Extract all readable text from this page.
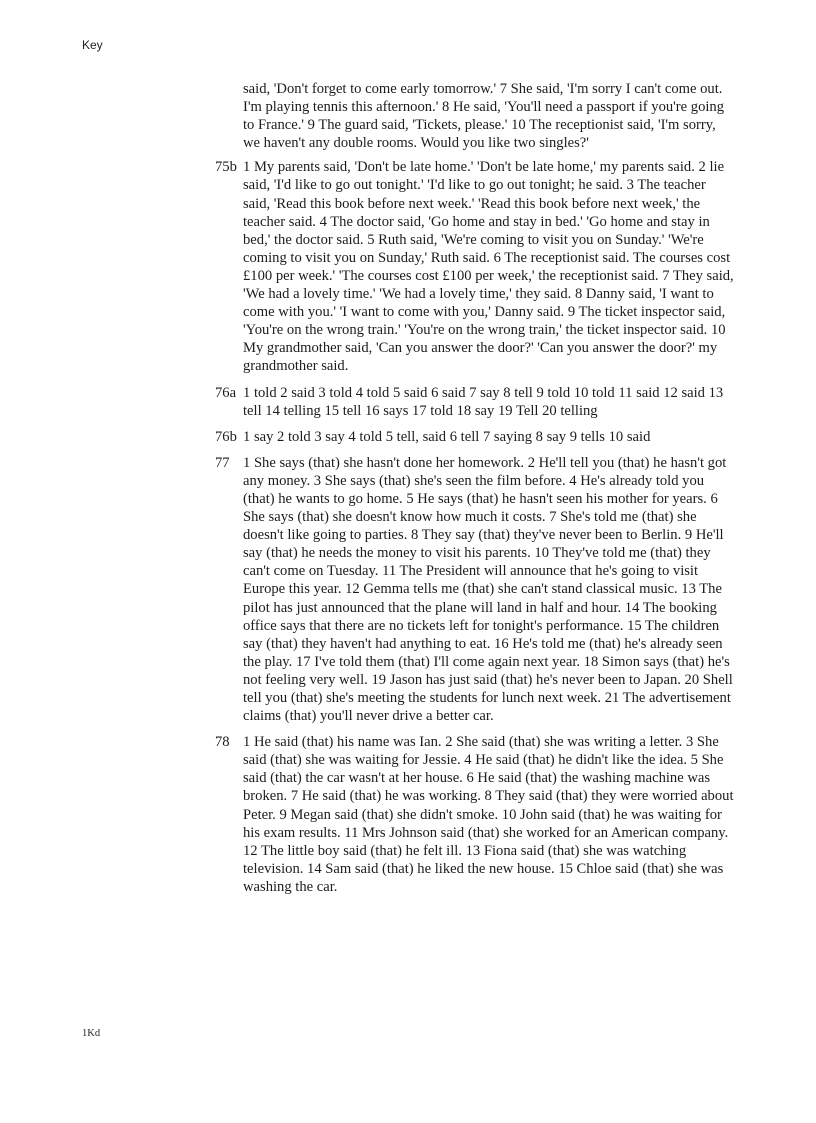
Key
said, 'Don't forget to come early tomorrow.' 7 She said, 'I'm sorry I can't come out. I'm playing tennis this afternoon.' 8 He said, 'You'll need a passport if you're going to France.' 9 The guard said, 'Tickets, please.' 10 The receptionist said, 'I'm sorry, we haven't any double rooms. Would you like two singles?'
75b 1 My parents said, 'Don't be late home.' 'Don't be late home,' my parents said. 2 lie said, 'I'd like to go out tonight.' 'I'd like to go out tonight; he said. 3 The teacher said, 'Read this book before next week.' 'Read this book before next week,' the teacher said. 4 The doctor said, 'Go home and stay in bed.' 'Go home and stay in bed,' the doctor said. 5 Ruth said, 'We're coming to visit you on Sunday.' 'We're coming to visit you on Sunday,' Ruth said. 6 The receptionist said. The courses cost £100 per week.' 'The courses cost £100 per week,' the receptionist said. 7 They said, 'We had a lovely time.' 'We had a lovely time,' they said. 8 Danny said, 'I want to come with you.' 'I want to come with you,' Danny said. 9 The ticket inspector said, 'You're on the wrong train.' 'You're on the wrong train,' the ticket inspector said. 10 My grandmother said, 'Can you answer the door?' 'Can you answer the door?' my grandmother said.
76a 1 told 2 said 3 told 4 told 5 said 6 said 7 say 8 tell 9 told 10 told 11 said 12 said 13 tell 14 telling 15 tell 16 says 17 told 18 say 19 Tell 20 telling
76b 1 say 2 told 3 say 4 told 5 tell, said 6 tell 7 saying 8 say 9 tells 10 said
77 1 She says (that) she hasn't done her homework. 2 He'll tell you (that) he hasn't got any money. 3 She says (that) she's seen the film before. 4 He's already told you (that) he wants to go home. 5 He says (that) he hasn't seen his mother for years. 6 She says (that) she doesn't know how much it costs. 7 She's told me (that) she doesn't like going to parties. 8 They say (that) they've never been to Berlin. 9 He'll say (that) he needs the money to visit his parents. 10 They've told me (that) they can't come on Tuesday. 11 The President will announce that he's going to visit Europe this year. 12 Gemma tells me (that) she can't stand classical music. 13 The pilot has just announced that the plane will land in half and hour. 14 The booking office says that there are no tickets left for tonight's performance. 15 The children say (that) they haven't had anything to eat. 16 He's told me (that) he's already seen the play. 17 I've told them (that) I'll come again next year. 18 Simon says (that) he's not feeling very well. 19 Jason has just said (that) he's never been to Japan. 20 Shell tell you (that) she's meeting the students for lunch next week. 21 The advertisement claims (that) you'll never drive a better car.
78 1 He said (that) his name was Ian. 2 She said (that) she was writing a letter. 3 She said (that) she was waiting for Jessie. 4 He said (that) he didn't like the idea. 5 She said (that) the car wasn't at her house. 6 He said (that) the washing machine was broken. 7 He said (that) he was working. 8 They said (that) they were worried about Peter. 9 Megan said (that) she didn't smoke. 10 John said (that) he was waiting for his exam results. 11 Mrs Johnson said (that) she worked for an American company. 12 The little boy said (that) he felt ill. 13 Fiona said (that) she was watching television. 14 Sam said (that) he liked the new house. 15 Chloe said (that) she was washing the car.
1Kd
